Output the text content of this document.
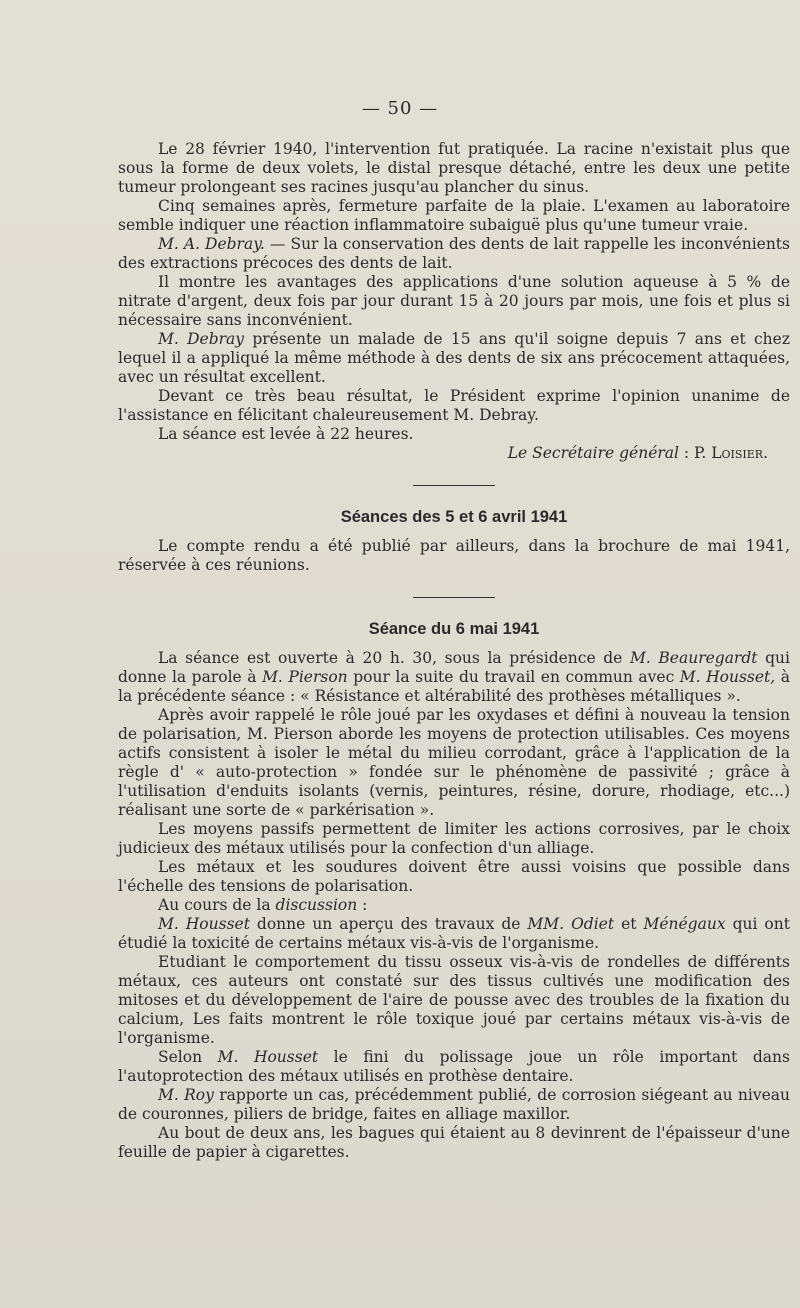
— 50 —

Le 28 février 1940, l'intervention fut pratiquée. La racine n'existait plus que sous la forme de deux volets, le distal presque détaché, entre les deux une petite tumeur prolongeant ses racines jusqu'au plancher du sinus.

Cinq semaines après, fermeture parfaite de la plaie. L'examen au laboratoire semble indiquer une réaction inflammatoire subaiguë plus qu'une tumeur vraie.

M. A. Debray. — Sur la conservation des dents de lait rappelle les inconvénients des extractions précoces des dents de lait.

Il montre les avantages des applications d'une solution aqueuse à 5 % de nitrate d'argent, deux fois par jour durant 15 à 20 jours par mois, une fois et plus si nécessaire sans inconvénient.

M. Debray présente un malade de 15 ans qu'il soigne depuis 7 ans et chez lequel il a appliqué la même méthode à des dents de six ans précocement attaquées, avec un résultat excellent.

Devant ce très beau résultat, le Président exprime l'opinion unanime de l'assistance en félicitant chaleureusement M. Debray.

La séance est levée à 22 heures.

Le Secrétaire général : P. Loisier.

Séances des 5 et 6 avril 1941

Le compte rendu a été publié par ailleurs, dans la brochure de mai 1941, réservée à ces réunions.

Séance du 6 mai 1941

La séance est ouverte à 20 h. 30, sous la présidence de M. Beauregardt qui donne la parole à M. Pierson pour la suite du travail en commun avec M. Housset, à la précédente séance : « Résistance et altérabilité des prothèses métalliques ».

Après avoir rappelé le rôle joué par les oxydases et défini à nouveau la tension de polarisation, M. Pierson aborde les moyens de protection utilisables. Ces moyens actifs consistent à isoler le métal du milieu corrodant, grâce à l'application de la règle d' « auto-protection » fondée sur le phénomène de passivité ; grâce à l'utilisation d'enduits isolants (vernis, peintures, résine, dorure, rhodiage, etc...) réalisant une sorte de « parkérisation ».

Les moyens passifs permettent de limiter les actions corrosives, par le choix judicieux des métaux utilisés pour la confection d'un alliage.

Les métaux et les soudures doivent être aussi voisins que possible dans l'échelle des tensions de polarisation.

Au cours de la discussion :

M. Housset donne un aperçu des travaux de MM. Odiet et Ménégaux qui ont étudié la toxicité de certains métaux vis-à-vis de l'organisme.

Etudiant le comportement du tissu osseux vis-à-vis de rondelles de différents métaux, ces auteurs ont constaté sur des tissus cultivés une modification des mitoses et du développement de l'aire de pousse avec des troubles de la fixation du calcium, Les faits montrent le rôle toxique joué par certains métaux vis-à-vis de l'organisme.

Selon M. Housset le fini du polissage joue un rôle important dans l'autoprotection des métaux utilisés en prothèse dentaire.

M. Roy rapporte un cas, précédemment publié, de corrosion siégeant au niveau de couronnes, piliers de bridge, faites en alliage maxillor.

Au bout de deux ans, les bagues qui étaient au 8 devinrent de l'épaisseur d'une feuille de papier à cigarettes.
